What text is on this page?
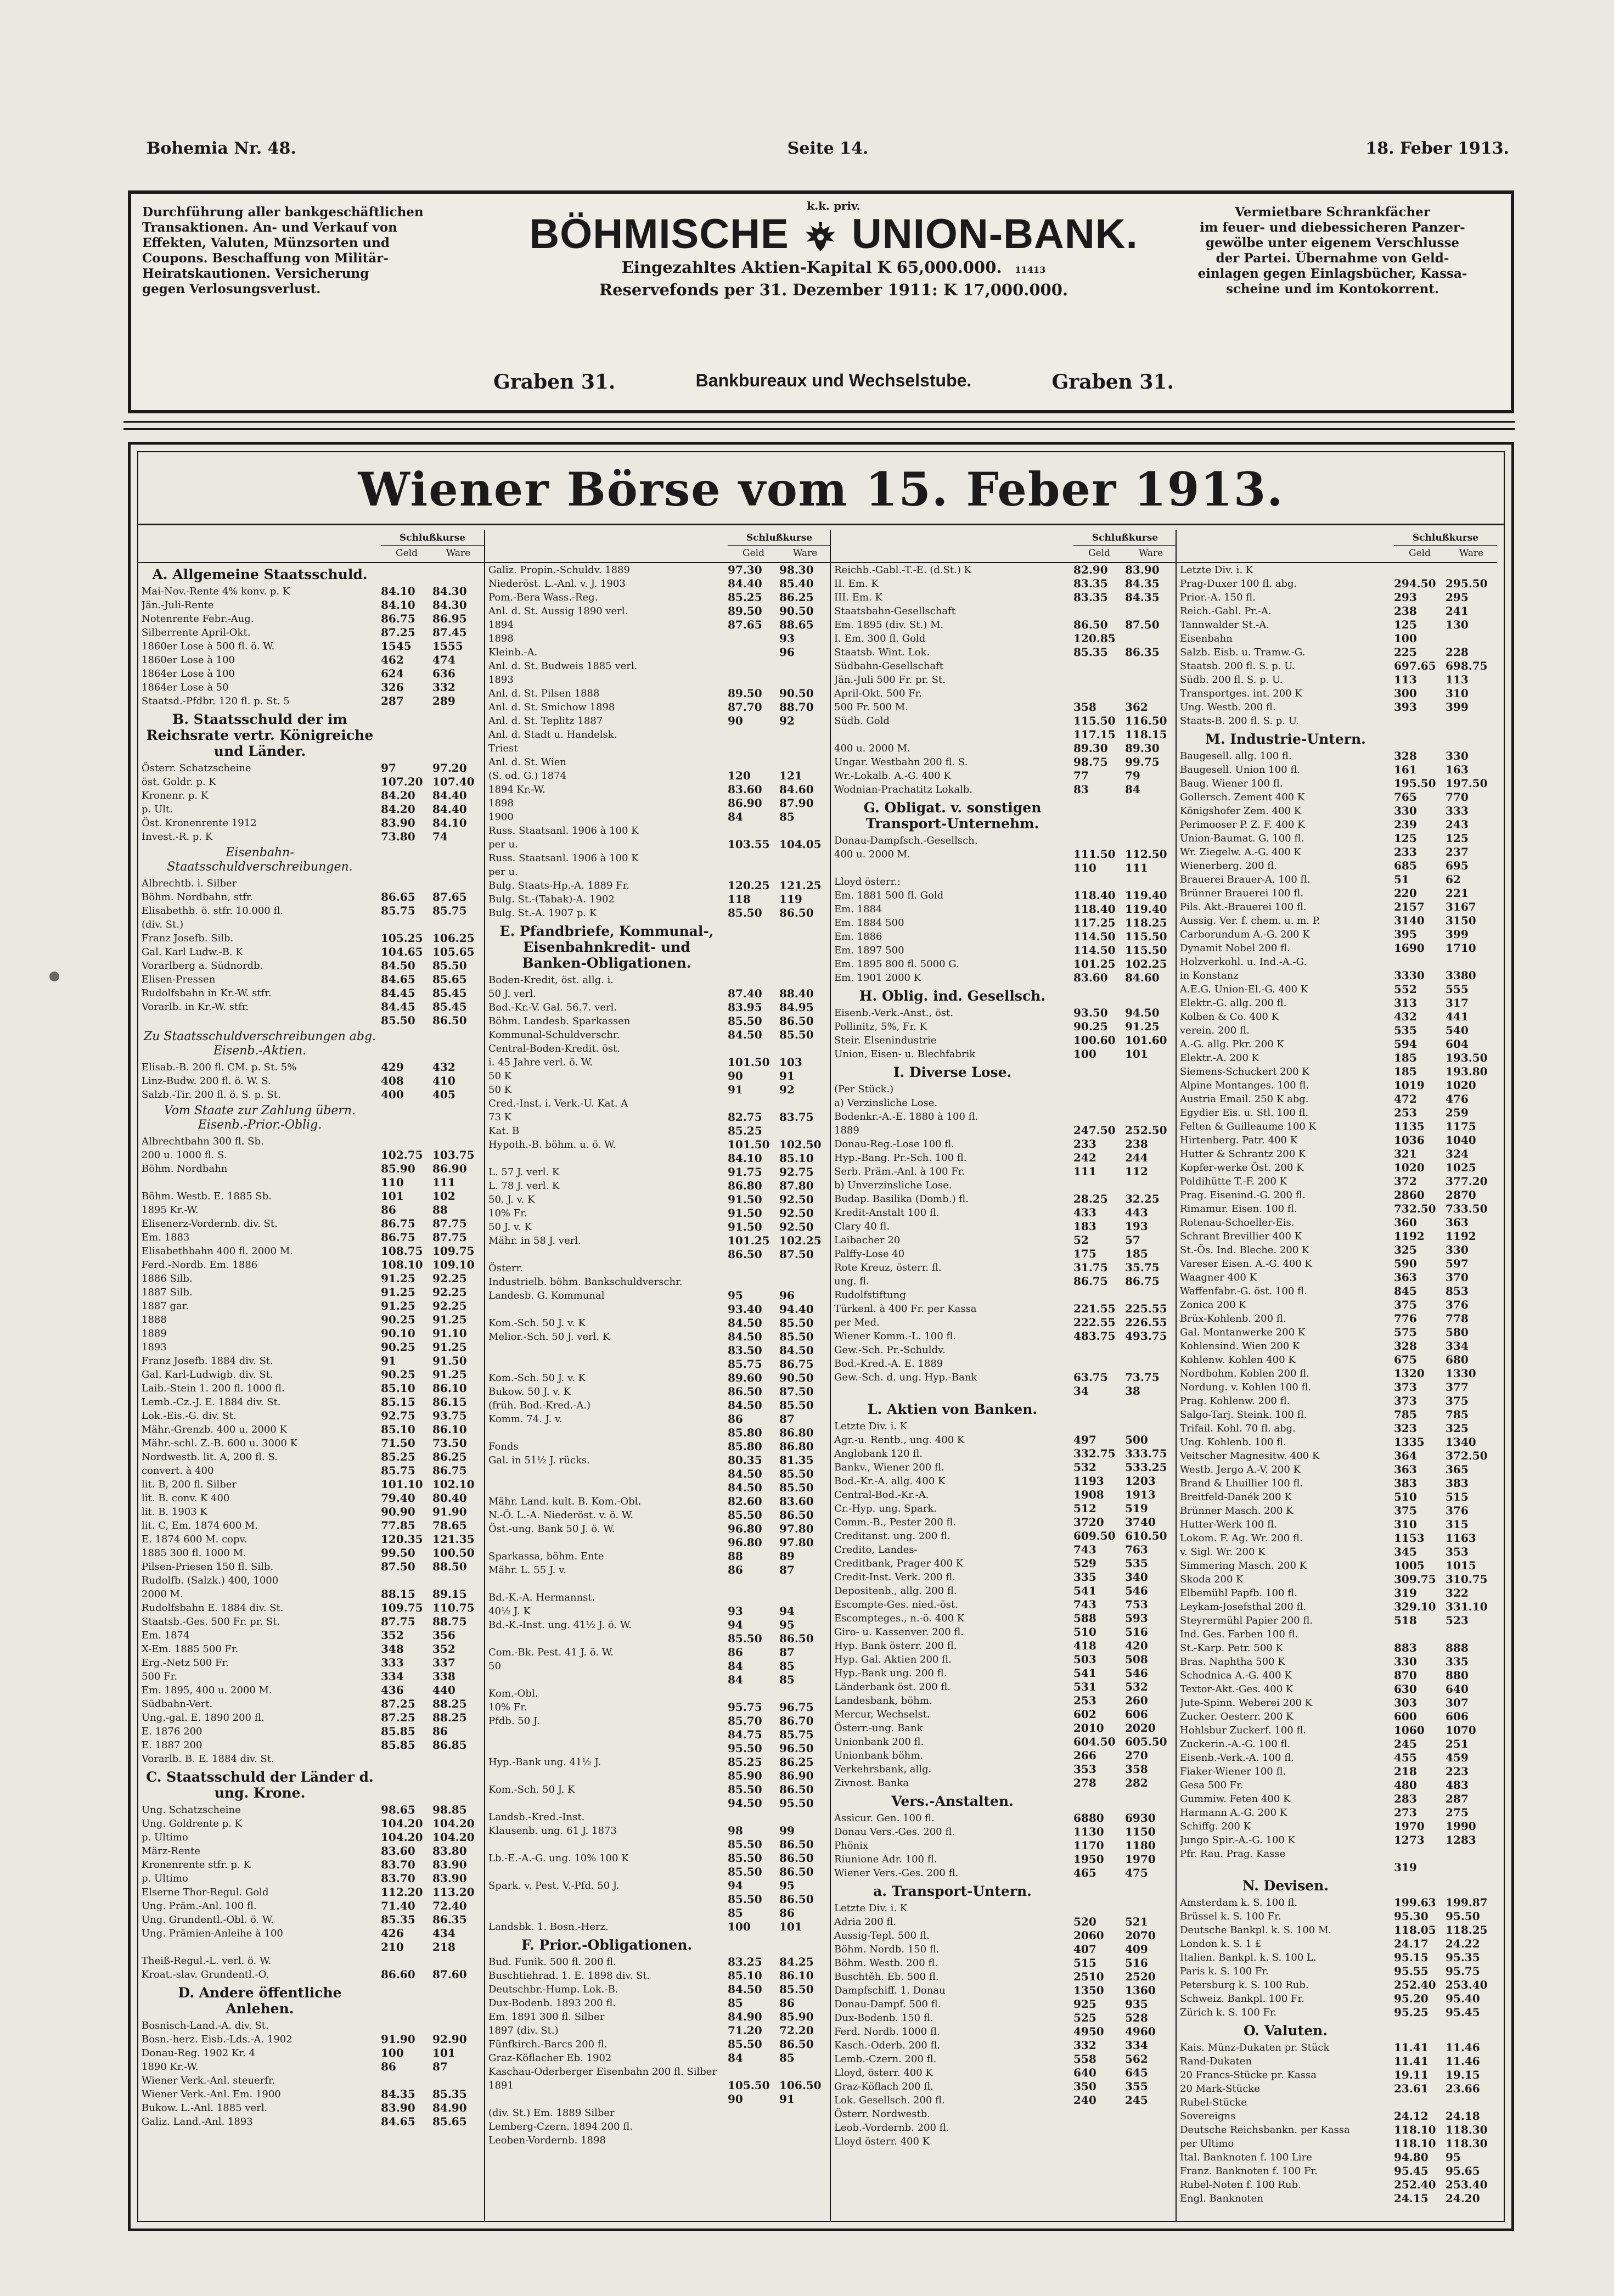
Bohemia Nr. 48.	Seite 14.	18. Feber 1913.
Durchführung aller bankgeschäftlichen
Transaktionen. An- und Verkauf von
Effekten, Valuten, Münzsorten und
Coupons. Beschaffung von Militär-
Heiratskautionen. Versicherung
gegen Verlosungsverlust.
k.k. priv.
BÖHMISCHE UNION-BANK.
Eingezahltes Aktien-Kapital K 65,000.000. 11413
Reservefonds per 31. Dezember 1911: K 17,000.000.
Graben 31.	Bankbureaux und Wechselstube.	Graben 31.
Vermietbare Schrankfächer
im feuer- und diebessicheren Panzer-
gewölbe unter eigenem Verschlusse
der Partei. Übernahme von Geld-
einlagen gegen Einlagsbücher, Kassa-
scheine und im Kontokorrent.
Wiener Börse vom 15. Feber 1913.
Schlußkurse
Geld	Ware
A. Allgemeine Staatsschuld.
Mai-Nov.-Rente 4% konv. p. K	84.10	84.30
Jän.-Juli-Rente	84.10	84.30
Notenrente Febr.-Aug.	86.75	86.95
Silberrente April-Okt.	87.25	87.45
1860er Lose à 500 fl. ö. W.	1545	1555
1860er Lose à 100	462	474
1864er Lose à 100	624	636
1864er Lose à 50	326	332
Staatsd.-Pfdbr. 120 fl. p. St. 5	287	289
B. Staatsschuld der im Reichsrate vertr. Königreiche und Länder.
Österr. Schatzscheine	97	97.20
öst. Goldr. p. K	107.20 107.40
Kronenr. p. K	84.20	84.40
p. Ult.	84.20	84.40
Öst. Kronenrente 1912	83.90	84.10
Invest.-R. p. K	73.80	74
Eisenbahn-Staatsschuldverschreibungen.
Albrechtb. i. Silber
Böhm. Nordbahn, stfr.	86.65	87.65
Elisabethb. ö. stfr. 10.000 fl.	85.75	85.75
(div. St.)
Franz Josefb. Silb.	105.25 106.25
Gal. Karl Ludw.-B. K	104.65 105.65
Vorarlberg a. Südnordb.	84.50	85.50
Elisen-Pressen	84.65	85.65
Rudolfsbahn in Kr.-W. stfr.	84.45	85.45
Vorarlb. in Kr.-W. stfr.	84.45	85.45
85.50	86.50
Zu Staatsschuldverschreibungen abg. Eisenb.-Aktien.
Elisab.-B. 200 fl. CM. p. St. 5%	429	432
Linz-Budw. 200 fl. ö. W. S.	408	410
Salzb.-Tir. 200 fl. ö. S. p. St.	400	405
Vom Staate zur Zahlung übern. Eisenb.-Prior.-Oblig.
Albrechtbahn 300 fl. Sb.
200 u. 1000 fl. S.	102.75 103.75
Böhm. Nordbahn	85.90	86.90
110	111
Böhm. Westb. E. 1885 Sb.	101	102
1895 Kr.-W.	86	88
Elisenerz-Vordernb. div. St.	86.75	87.75
Em. 1883	86.75	87.75
Elisabethbahn 400 fl. 2000 M.	108.75 109.75
Ferd.-Nordb. Em. 1886	108.10 109.10
1886 Silb.	91.25	92.25
1887 Silb.	91.25	92.25
1887 gar.	91.25	92.25
1888	90.25	91.25
1889	90.10	91.10
1893	90.25	91.25
Franz Josefb. 1884 div. St.	91	91.50
Gal. Karl-Ludwigb. div. St.	90.25	91.25
Laib.-Stein 1. 200 fl. 1000 fl.	85.10	86.10
Lemb.-Cz.-J. E. 1884 div. St.	85.15	86.15
Lok.-Eis.-G. div. St.	92.75	93.75
Mähr.-Grenzb. 400 u. 2000 K	85.10	86.10
Mähr.-schl. Z.-B. 600 u. 3000 K	71.50	73.50
Nordwestb. lit. A, 200 fl. S.	85.25	86.25
convert. à 400	85.75	86.75
lit. B, 200 fl. Silber	101.10 102.10
lit. B. conv. K 400	79.40	80.40
lit. B. 1903 K	90.90	91.90
lit. C, Em. 1874 600 M.	77.85	78.65
E. 1874 600 M. copv.	120.35 121.35
1885 300 fl. 1000 M.	99.50	100.50
Pilsen-Priesen 150 fl. Silb.	87.50	88.50
Rudolfb. (Salzk.) 400, 1000
2000 M.	88.15	89.15
Rudolfsbahn E. 1884 div. St.	109.75 110.75
Staatsb.-Ges. 500 Fr. pr. St.	87.75	88.75
Em. 1874	352	356
X-Em. 1885 500 Fr.	348	352
Erg.-Netz 500 Fr.	333	337
500 Fr.	334	338
Em. 1895, 400 u. 2000 M.	436	440
Südbahn-Vert.	87.25	88.25
Ung.-gal. E. 1890 200 fl.	87.25	88.25
E. 1876 200	85.85	86
E. 1887 200	85.85	86.85
Vorarlb. B. E. 1884 div. St.
C. Staatsschuld der Länder d. ung. Krone.
Ung. Schatzscheine	98.65	98.85
Ung. Goldrente p. K	104.20 104.20
p. Ultimo	104.20 104.20
März-Rente	83.60	83.80
Kronenrente stfr. p. K	83.70	83.90
p. Ultimo	83.70	83.90
Elserne Thor-Regul. Gold	112.20 113.20
Ung. Präm.-Anl. 100 fl.	71.40	72.40
Ung. Grundentl.-Obl. ö. W.	85.35	86.35
Ung. Prämien-Anleihe à 100	426	434
210	218
Theiß-Regul.-L. verl. ö. W.
Kroat.-slav. Grundentl.-O.	86.60	87.60
D. Andere öffentliche Anlehen.
Bosnisch-Land.-A. div. St.
Bosn.-herz. Eisb.-Lds.-A. 1902	91.90	92.90
Donau-Reg. 1902 Kr. 4	100	101
1890 Kr.-W.	86	87
Wiener Verk.-Anl. steuerfr.
Wiener Verk.-Anl. Em. 1900	84.35	85.35
Bukow. L.-Anl. 1885 verl.	83.90	84.90
Galiz. Land.-Anl. 1893	84.65	85.65
Schlußkurse
Geld	Ware
Galiz. Propin.-Schuldv. 1889	97.30	98.30
Niederöst. L.-Anl. v. J. 1903	84.40	85.40
Pom.-Bera Wass.-Reg.	85.25	86.25
Anl. d. St. Aussig 1890 verl.	89.50	90.50
1894	87.65	88.65
1898	93
Kleinb.-A.	96
Anl. d. St. Budweis 1885 verl.
1893
Anl. d. St. Pilsen 1888	89.50	90.50
Anl. d. St. Smichow 1898	87.70	88.70
Anl. d. St. Teplitz 1887	90	92
Anl. d. Stadt u. Handelsk.
Triest
Anl. d. St. Wien
(S. od. G.) 1874	120	121
1894 Kr.-W.	83.60	84.60
1898	86.90	87.90
1900	84	85
Russ. Staatsanl. 1906 à 100 K
per u.	103.55 104.05
Russ. Staatsanl. 1906 à 100 K
per u.
Bulg. Staats-Hp.-A. 1889 Fr.	120.25 121.25
Bulg. St.-(Tabak)-A. 1902	118	119
Bulg. St.-A. 1907 p. K	85.50	86.50
E. Pfandbriefe, Kommunal-, Eisenbahnkredit- und Banken-Obligationen.
Boden-Kredit, öst. allg. i.
50 J. verl.	87.40	88.40
Bod.-Kr.-V. Gal. 56.7. verl.	83.95	84.95
Böhm. Landesb. Sparkassen	85.50	86.50
Kommunal-Schuldverschr.	84.50	85.50
Central-Boden-Kredit. öst.
i. 45 Jahre verl. ö. W.	101.50 103
50 K	90	91
50 K	91	92
Cred.-Inst. i. Verk.-U. Kat. A
73 K	82.75	83.75
Kat. B	85.25
Hypoth.-B. böhm. u. ö. W.	101.50 102.50
84.10	85.10
L. 57 J. verl. K	91.75	92.75
L. 78 J. verl. K	86.80	87.80
50. J. v. K	91.50	92.50
10% Fr.	91.50	92.50
50 J. v. K	91.50	92.50
Mähr. in 58 J. verl.	101.25 102.25
86.50	87.50
Österr.
Industrielb. böhm. Bankschuldverschr.
Landesb. G. Kommunal	95	96
93.40	94.40
Kom.-Sch. 50 J. v. K	84.50	85.50
Melior.-Sch. 50 J. verl. K	84.50	85.50
83.50	84.50
85.75	86.75
Kom.-Sch. 50 J. v. K	89.60	90.50
Bukow. 50 J. v. K	86.50	87.50
(früh. Bod.-Kred.-A.)	84.50	85.50
Komm. 74. J. v.	86	87
85.80	86.80
Fonds	85.80	86.80
Gal. in 51½ J. rücks.	80.35	81.35
84.50	85.50
84.50	85.50
Mähr. Land. kult. B. Kom.-Obl.	82.60	83.60
N.-Ö. L.-A. Niederöst. v. ö. W.	85.50	86.50
Öst.-ung. Bank 50 J. ö. W.	96.80	97.80
96.80	97.80
Sparkassa, böhm. Ente	88	89
Mähr. L. 55 J. v.	86	87
Bd.-K.-A. Hermannst.
40½ J. K	93	94
Bd.-K.-Inst. ung. 41½ J. ö. W.	94	95
85.50	86.50
Com.-Bk. Pest. 41 J. ö. W.	86	87
50	84	85
84	85
Kom.-Obl.
10% Fr.	95.75	96.75
Pfdb. 50 J.	85.70	86.70
84.75	85.75
95.50	96.50
Hyp.-Bank ung. 41½ J.	85.25	86.25
85.90	86.90
Kom.-Sch. 50 J. K	85.50	86.50
94.50	95.50
Landsb.-Kred.-Inst.
Klausenb. ung. 61 J. 1873	98	99
85.50	86.50
Lb.-E.-A.-G. ung. 10% 100 K	85.50	86.50
85.50	86.50
Spark. v. Pest. V.-Pfd. 50 J.	94	95
85.50	86.50
85	86
Landsbk. 1. Bosn.-Herz.	100	101
F. Prior.-Obligationen.
Bud. Funik. 500 fl. 200 fl.	83.25	84.25
Buschtiehrad. 1. E. 1898 div. St.	85.10	86.10
Deutschbr.-Hump. Lok.-B.	84.50	85.50
Dux-Bodenb. 1893 200 fl.	85	86
Em. 1891 300 fl. Silber	84.90	85.90
1897 (div. St.)	71.20	72.20
Fünfkirch.-Barcs 200 fl.	85.50	86.50
Graz-Köflacher Eb. 1902	84	85
Kaschau-Oderberger Eisenbahn 200 fl. Silber
1891	105.50 106.50
90	91
(div. St.) Em. 1889 Silber
Lemberg-Czern. 1894 200 fl.
Leoben-Vordernb. 1898
Schlußkurse
Geld	Ware
Reichb.-Gabl.-T.-E. (d.St.) K	82.90	83.90
II. Em. K	83.35	84.35
III. Em. K	83.35	84.35
Staatsbahn-Gesellschaft
Em. 1895 (div. St.) M.	86.50	87.50
I. Em. 300 fl. Gold	120.85
Staatsb. Wint. Lok.	85.35	86.35
Südbahn-Gesellschaft
Jän.-Juli 500 Fr. pr. St.
April-Okt. 500 Fr.
500 Fr. 500 M.	358	362
Südb. Gold	115.50 116.50
117.15 118.15
400 u. 2000 M.	89.30	89.30
Ungar. Westbahn 200 fl. S.	98.75	99.75
Wr.-Lokalb. A.-G. 400 K	77	79
Wodnian-Prachatitz Lokalb.	83	84
G. Obligat. v. sonstigen Transport-Unternehm.
Donau-Dampfsch.-Gesellsch.
400 u. 2000 M.	111.50 112.50
110	111
Lloyd österr.:
Em. 1881 500 fl. Gold	118.40 119.40
Em. 1884	118.40 119.40
Em. 1884 500	117.25 118.25
Em. 1886	114.50 115.50
Em. 1897 500	114.50 115.50
Em. 1895 800 fl. 5000 G.	101.25 102.25
Em. 1901 2000 K	83.60	84.60
H. Oblig. ind. Gesellsch.
Eisenb.-Verk.-Anst., öst.	93.50	94.50
Pollinitz, 5%, Fr. K	90.25	91.25
Steir. Elsenindustrie	100.60 101.60
Union, Eisen- u. Blechfabrik	100	101
I. Diverse Lose.
(Per Stück.)
a) Verzinsliche Lose.
Bodenkr.-A.-E. 1880 à 100 fl.
1889	247.50 252.50
Donau-Reg.-Lose 100 fl.	233	238
Hyp.-Bang. Pr.-Sch. 100 fl.	242	244
Serb. Präm.-Anl. à 100 Fr.	111	112
b) Unverzinsliche Lose.
Budap. Basilika (Domb.) fl.	28.25	32.25
Kredit-Anstalt 100 fl.	433	443
Clary 40 fl.	183	193
Laibacher 20	52	57
Palffy-Lose 40	175	185
Rote Kreuz, österr. fl.	31.75	35.75
ung. fl.	86.75	86.75
Rudolfstiftung
Türkenl. à 400 Fr. per Kassa	221.55 225.55
per Med.	222.55 226.55
Wiener Komm.-L. 100 fl.	483.75 493.75
Gew.-Sch. Pr.-Schuldv.
Bod.-Kred.-A. E. 1889
Gew.-Sch. d. ung. Hyp.-Bank	63.75	73.75
34	38
L. Aktien von Banken.
Letzte Div. i. K
Agr.-u. Rentb., ung. 400 K	497	500
Anglobank 120 fl.	332.75 333.75
Bankv., Wiener 200 fl.	532	533.25
Bod.-Kr.-A. allg. 400 K	1193	1203
Central-Bod.-Kr.-A.	1908	1913
Cr.-Hyp. ung. Spark.	512	519
Comm.-B., Pester 200 fl.	3720	3740
Creditanst. ung. 200 fl.	609.50 610.50
Credito, Landes-	743	763
Creditbank, Prager 400 K	529	535
Credit-Inst. Verk. 200 fl.	335	340
Depositenb., allg. 200 fl.	541	546
Escompte-Ges. nied.-öst.	743	753
Escompteges., n.-ö. 400 K	588	593
Giro- u. Kassenver. 200 fl.	510	516
Hyp. Bank österr. 200 fl.	418	420
Hyp. Gal. Aktien 200 fl.	503	508
Hyp.-Bank ung. 200 fl.	541	546
Länderbank öst. 200 fl.	531	532
Landesbank, böhm.	253	260
Mercur, Wechselst.	602	606
Österr.-ung. Bank	2010	2020
Unionbank 200 fl.	604.50 605.50
Unionbank böhm.	266	270
Verkehrsbank, allg.	353	358
Zivnost. Banka	278	282
Vers.-Anstalten.
Assicur. Gen. 100 fl.	6880	6930
Donau Vers.-Ges. 200 fl.	1130	1150
Phönix	1170	1180
Riunione Adr. 100 fl.	1950	1970
Wiener Vers.-Ges. 200 fl.	465	475
a. Transport-Untern.
Letzte Div. i. K
Adria 200 fl.	520	521
Aussig-Tepl. 500 fl.	2060	2070
Böhm. Nordb. 150 fl.	407	409
Böhm. Westb. 200 fl.	515	516
Buschtěh. Eb. 500 fl.	2510	2520
Dampfschiff. 1. Donau	1350	1360
Donau-Dampf. 500 fl.	925	935
Dux-Bodenb. 150 fl.	525	528
Ferd. Nordb. 1000 fl.	4950	4960
Kasch.-Oderb. 200 fl.	332	334
Lemb.-Czern. 200 fl.	558	562
Lloyd, österr. 400 K	640	645
Graz-Köflach 200 fl.	350	355
Lok. Gesellsch. 200 fl.	240	245
Österr. Nordwestb.
Leob.-Vordernb. 200 fl.
Lloyd österr. 400 K
Schlußkurse
Geld	Ware
Letzte Div. i. K
Prag-Duxer 100 fl. abg.	294.50 295.50
Prior.-A. 150 fl.	293	295
Reich.-Gabl. Pr.-A.	238	241
Tannwalder St.-A.	125	130
Eisenbahn	100
Salzb. Eisb. u. Tramw.-G.	225	228
Staatsb. 200 fl. S. p. U.	697.65 698.75
Südb. 200 fl. S. p. U.	113	113
Transportges. int. 200 K	300	310
Ung. Westb. 200 fl.	393	399
Staats-B. 200 fl. S. p. U.
M. Industrie-Untern.
Baugesell. allg. 100 fl.	328	330
Baugesell. Union 100 fl.	161	163
Baug. Wiener 100 fl.	195.50 197.50
Gollersch. Zement 400 K	765	770
Königshofer Zem. 400 K	330	333
Perimooser P. Z. F. 400 K	239	243
Union-Baumat. G. 100 fl.	125	125
Wr. Ziegelw. A.-G. 400 K	233	237
Wienerberg. 200 fl.	685	695
Brauerei Brauer-A. 100 fl.	51	62
Brünner Brauerei 100 fl.	220	221
Pils. Akt.-Brauerei 100 fl.	2157	3167
Aussig. Ver. f. chem. u. m. P.	3140	3150
Carborundum A.-G. 200 K	395	399
Dynamit Nobel 200 fl.	1690	1710
Holzverkohl. u. Ind.-A.-G.
in Konstanz	3330	3380
A.E.G. Union-El.-G. 400 K	552	555
Elektr.-G. allg. 200 fl.	313	317
Kolben & Co. 400 K	432	441
verein. 200 fl.	535	540
A.-G. allg. Pkr. 200 K	594	604
Elektr.-A. 200 K	185	193.50
Siemens-Schuckert 200 K	185	193.80
Alpine Montanges. 100 fl.	1019	1020
Austria Email. 250 K abg.	472	476
Egydier Eis. u. Stl. 100 fl.	253	259
Felten & Guilleaume 100 K	1135	1175
Hirtenberg. Patr. 400 K	1036	1040
Hutter & Schrantz 200 K	321	324
Kopfer-werke Öst. 200 K	1020	1025
Poldihütte T.-F. 200 K	372	377.20
Prag. Eisenind.-G. 200 fl.	2860	2870
Rimamur. Eisen. 100 fl.	732.50 733.50
Rotenau-Schoeller-Eis.	360	363
Schrant Brevillier 400 K	1192	1192
St.-Ös. Ind. Bleche. 200 K	325	330
Vareser Eisen. A.-G. 400 K	590	597
Waagner 400 K	363	370
Waffenfabr.-G. öst. 100 fl.	845	853
Zonica 200 K	375	376
Brüx-Kohlenb. 200 fl.	776	778
Gal. Montanwerke 200 K	575	580
Kohlensind. Wien 200 K	328	334
Kohlenw. Kohlen 400 K	675	680
Nordbohm. Koblen 200 fl.	1320	1330
Nordung. v. Kohlen 100 fl.	373	377
Prag. Kohlenw. 200 fl.	373	375
Salgo-Tarj. Steink. 100 fl.	785	785
Trifail. Kohl. 70 fl. abg.	323	325
Ung. Kohlenb. 100 fl.	1335	1340
Veitscher Magnesitw. 400 K	364	372.50
Westb. Jergo A.-V. 200 K	363	365
Brand & Lhuillier 100 fl.	383	383
Breitfeld-Danék 200 K	510	515
Brünner Masch. 200 K	375	376
Hutter-Werk 100 fl.	310	315
Lokom. F. Ag. Wr. 200 fl.	1153	1163
v. Sigl. Wr. 200 K	345	353
Simmering Masch. 200 K	1005	1015
Skoda 200 K	309.75 310.75
Elbemühl Papfb. 100 fl.	319	322
Leykam-Josefsthal 200 fl.	329.10 331.10
Steyrermühl Papier 200 fl.	518	523
Ind. Ges. Farben 100 fl.
St.-Karp. Petr. 500 K	883	888
Bras. Naphtha 500 K	330	335
Schodnica A.-G. 400 K	870	880
Textor-Akt.-Ges. 400 K	630	640
Jute-Spinn. Weberei 200 K	303	307
Zucker. Oesterr. 200 K	600	606
Hohlsbur Zuckerf. 100 fl.	1060	1070
Zuckerin.-A.-G. 100 fl.	245	251
Eisenb.-Verk.-A. 100 fl.	455	459
Fiaker-Wiener 100 fl.	218	223
Gesa 500 Fr.	480	483
Gummiw. Feten 400 K	283	287
Harmann A.-G. 200 K	273	275
Schiffg. 200 K	1970	1990
Jungo Spir.-A.-G. 100 K	1273	1283
Pfr. Rau. Prag. Kasse
319
N. Devisen.
Amsterdam k. S. 100 fl.	199.63 199.87
Brüssel k. S. 100 Fr.	95.30	95.50
Deutsche Bankpl. k. S. 100 M.	118.05 118.25
London k. S. 1 £	24.17	24.22
Italien. Bankpl. k. S. 100 L.	95.15	95.35
Paris k. S. 100 Fr.	95.55	95.75
Petersburg k. S. 100 Rub.	252.40 253.40
Schweiz. Bankpl. 100 Fr.	95.20	95.40
Zürich k. S. 100 Fr.	95.25	95.45
O. Valuten.
Kais. Münz-Dukaten pr. Stück	11.41	11.46
Rand-Dukaten	11.41	11.46
20 Francs-Stücke pr. Kassa	19.11	19.15
20 Mark-Stücke	23.61	23.66
Rubel-Stücke
Sovereigns	24.12	24.18
Deutsche Reichsbankn. per Kassa	118.10 118.30
per Ultimo	118.10 118.30
Ital. Banknoten f. 100 Lire	94.80	95
Franz. Banknoten f. 100 Fr.	95.45	95.65
Rubel-Noten f. 100 Rub.	252.40 253.40
Engl. Banknoten	24.15	24.20
